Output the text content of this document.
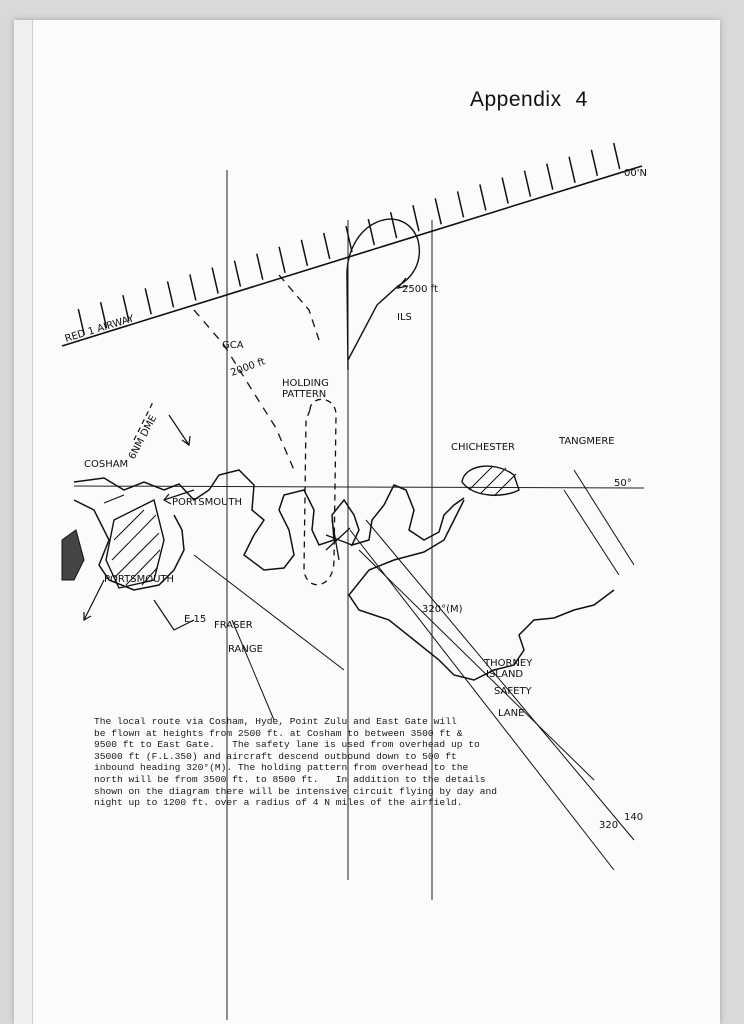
Appendix 4
RED 1 AIRWAY
2500 ft
ILS
GCA
2000 ft
HOLDING PATTERN
CHICHESTER
TANGMERE
COSHAM
PORTSMOUTH
PORTSMOUTH
6NM DME
E.15
FRASER RANGE
THORNEY ISLAND
SAFETY LANE
320°(M)
50°
00'N
320
140
The local route via Cosham, Hyde, Point Zulu and East Gate will
be flown at heights from 2500 ft. at Cosham to between 3500 ft &
9500 ft to East Gate.   The safety lane is used from overhead up to
35000 ft (F.L.350) and aircraft descend outbound down to 500 ft
inbound heading 320°(M). The holding pattern from overhead to the
north will be from 3500 ft. to 8500 ft.   In addition to the details
shown on the diagram there will be intensive circuit flying by day and
night up to 1200 ft. over a radius of 4 N miles of the airfield.
